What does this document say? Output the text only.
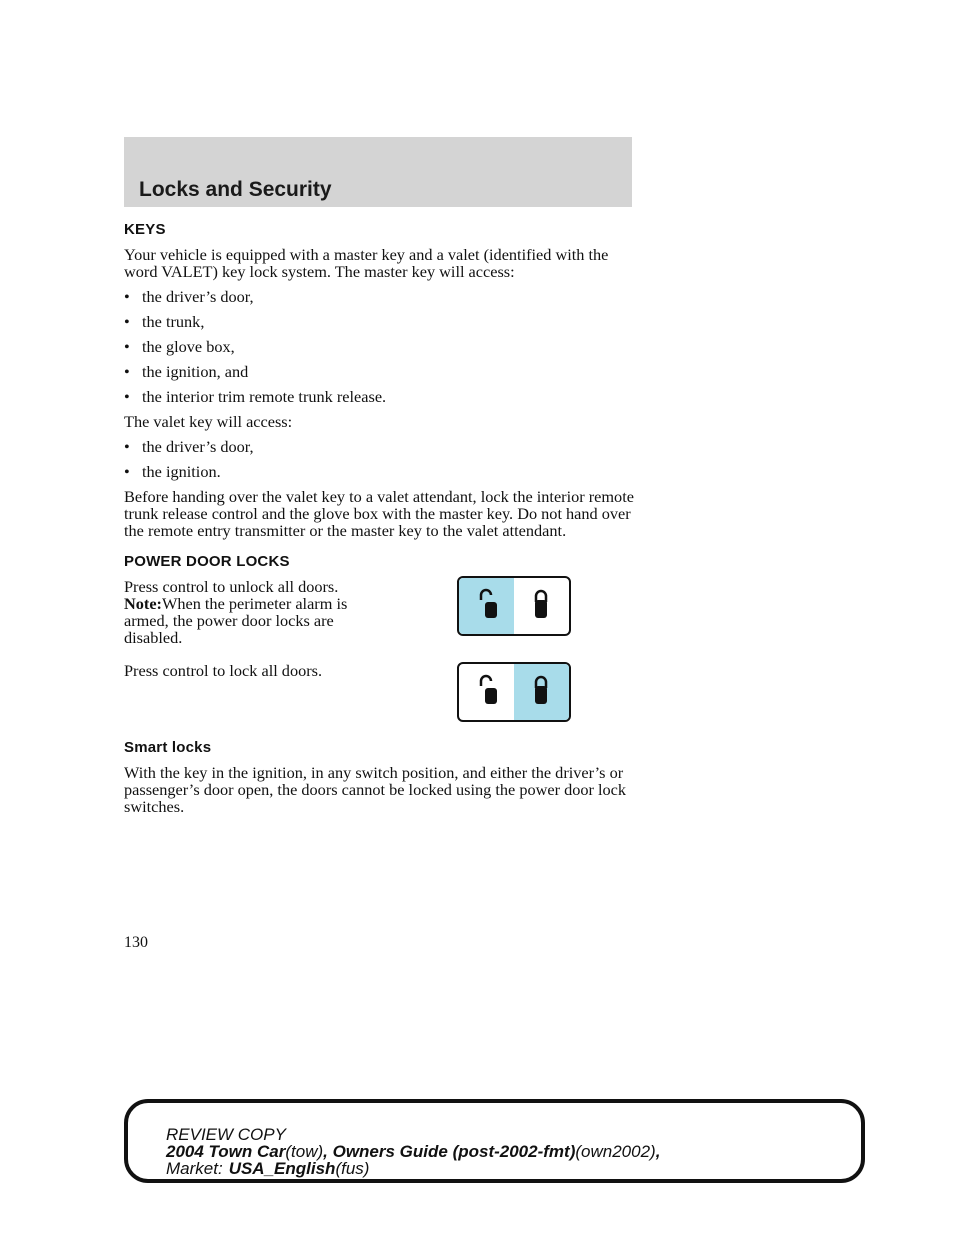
Locks and Security
KEYS

Your vehicle is equipped with a master key and a valet (identified with the word VALET) key lock system. The master key will access:

• the driver’s door,
• the trunk,
• the glove box,
• the ignition, and
• the interior trim remote trunk release.

The valet key will access:

• the driver’s door,
• the ignition.

Before handing over the valet key to a valet attendant, lock the interior remote trunk release control and the glove box with the master key. Do not hand over the remote entry transmitter or the master key to the valet attendant.

POWER DOOR LOCKS
Press control to unlock all doors.
Note:When the perimeter alarm is armed, the power door locks are disabled.

Press control to lock all doors.

Smart locks

With the key in the ignition, in any switch position, and either the driver’s or passenger’s door open, the doors cannot be locked using the power door lock switches.

130
REVIEW COPY
2004 Town Car(tow), Owners Guide (post-2002-fmt)(own2002),
Market: USA_English(fus)
